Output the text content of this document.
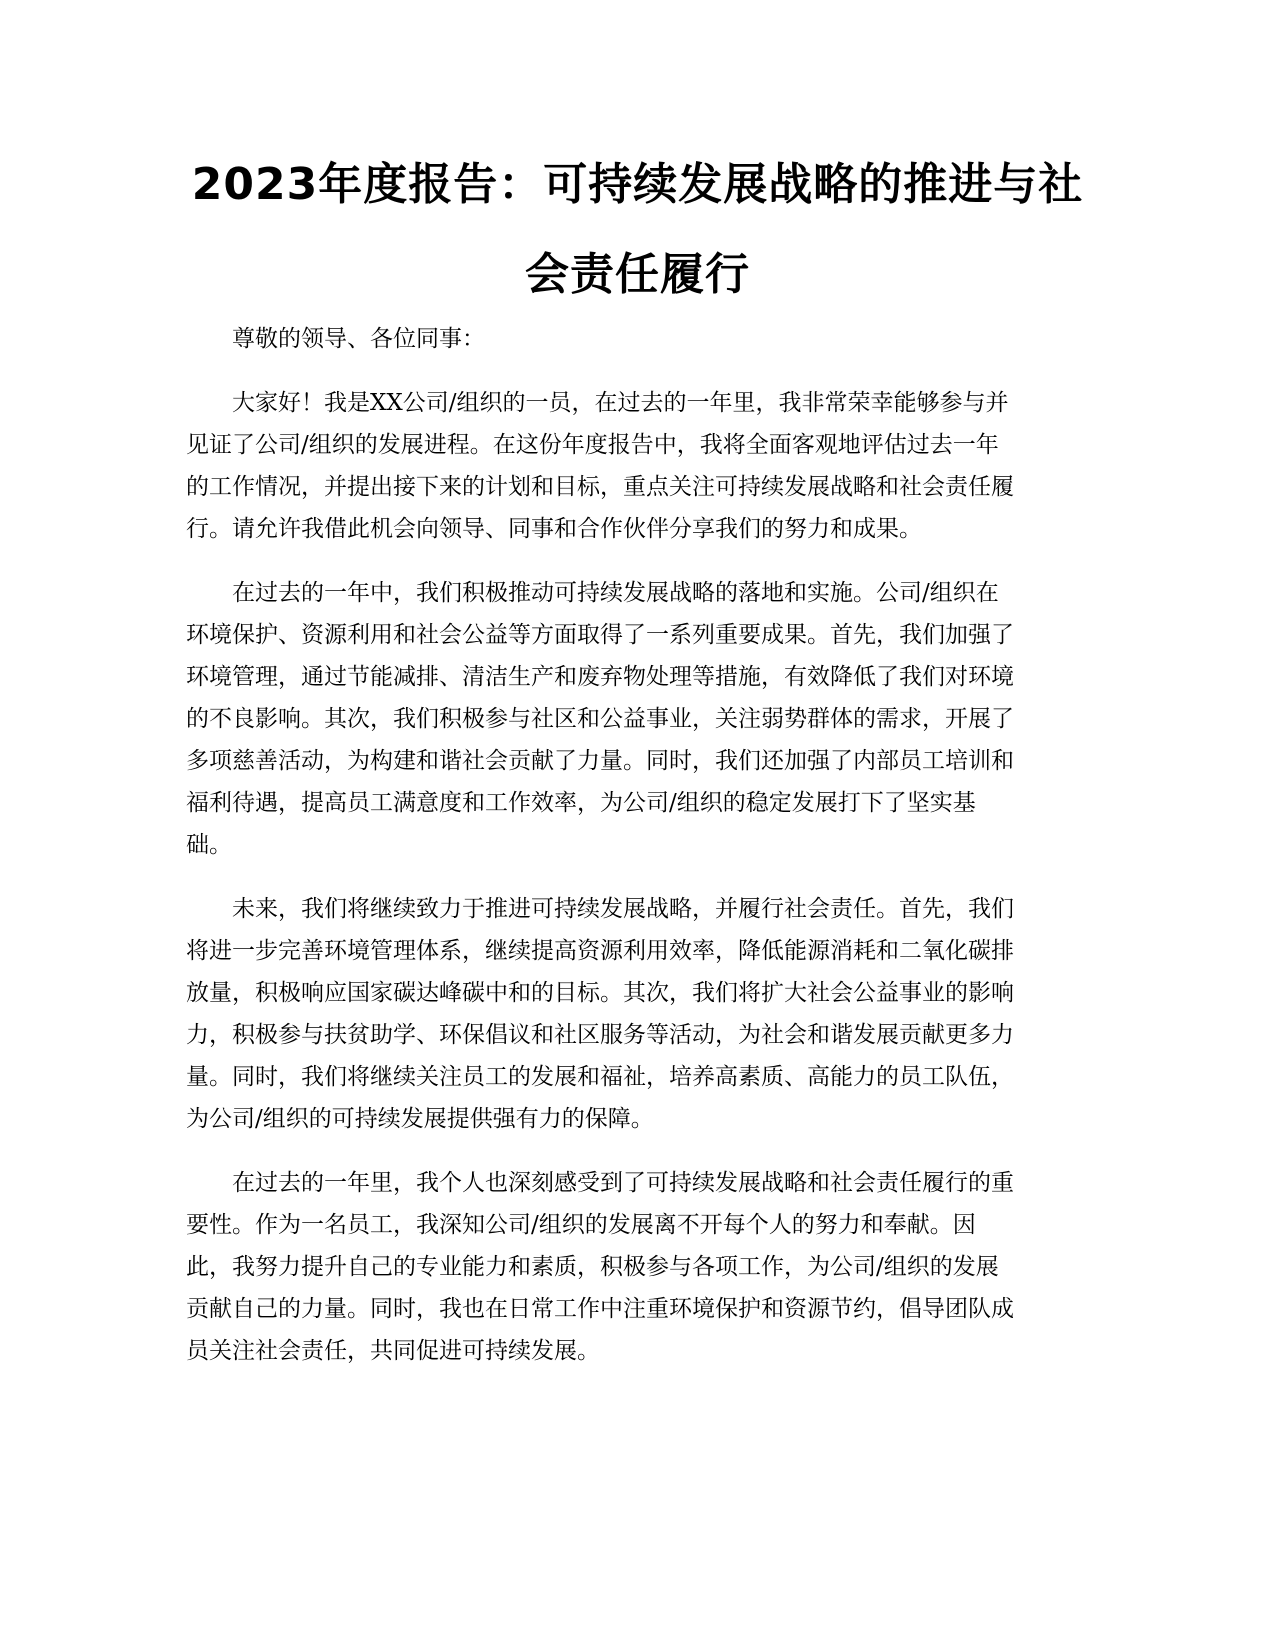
2023年度报告：可持续发展战略的推进与社
会责任履行

尊敬的领导、各位同事：

大家好！我是XX公司/组织的一员，在过去的一年里，我非常荣幸能够参与并
见证了公司/组织的发展进程。在这份年度报告中，我将全面客观地评估过去一年
的工作情况，并提出接下来的计划和目标，重点关注可持续发展战略和社会责任履
行。请允许我借此机会向领导、同事和合作伙伴分享我们的努力和成果。

在过去的一年中，我们积极推动可持续发展战略的落地和实施。公司/组织在
环境保护、资源利用和社会公益等方面取得了一系列重要成果。首先，我们加强了
环境管理，通过节能减排、清洁生产和废弃物处理等措施，有效降低了我们对环境
的不良影响。其次，我们积极参与社区和公益事业，关注弱势群体的需求，开展了
多项慈善活动，为构建和谐社会贡献了力量。同时，我们还加强了内部员工培训和
福利待遇，提高员工满意度和工作效率，为公司/组织的稳定发展打下了坚实基
础。

未来，我们将继续致力于推进可持续发展战略，并履行社会责任。首先，我们
将进一步完善环境管理体系，继续提高资源利用效率，降低能源消耗和二氧化碳排
放量，积极响应国家碳达峰碳中和的目标。其次，我们将扩大社会公益事业的影响
力，积极参与扶贫助学、环保倡议和社区服务等活动，为社会和谐发展贡献更多力
量。同时，我们将继续关注员工的发展和福祉，培养高素质、高能力的员工队伍，
为公司/组织的可持续发展提供强有力的保障。

在过去的一年里，我个人也深刻感受到了可持续发展战略和社会责任履行的重
要性。作为一名员工，我深知公司/组织的发展离不开每个人的努力和奉献。因
此，我努力提升自己的专业能力和素质，积极参与各项工作，为公司/组织的发展
贡献自己的力量。同时，我也在日常工作中注重环境保护和资源节约，倡导团队成
员关注社会责任，共同促进可持续发展。
